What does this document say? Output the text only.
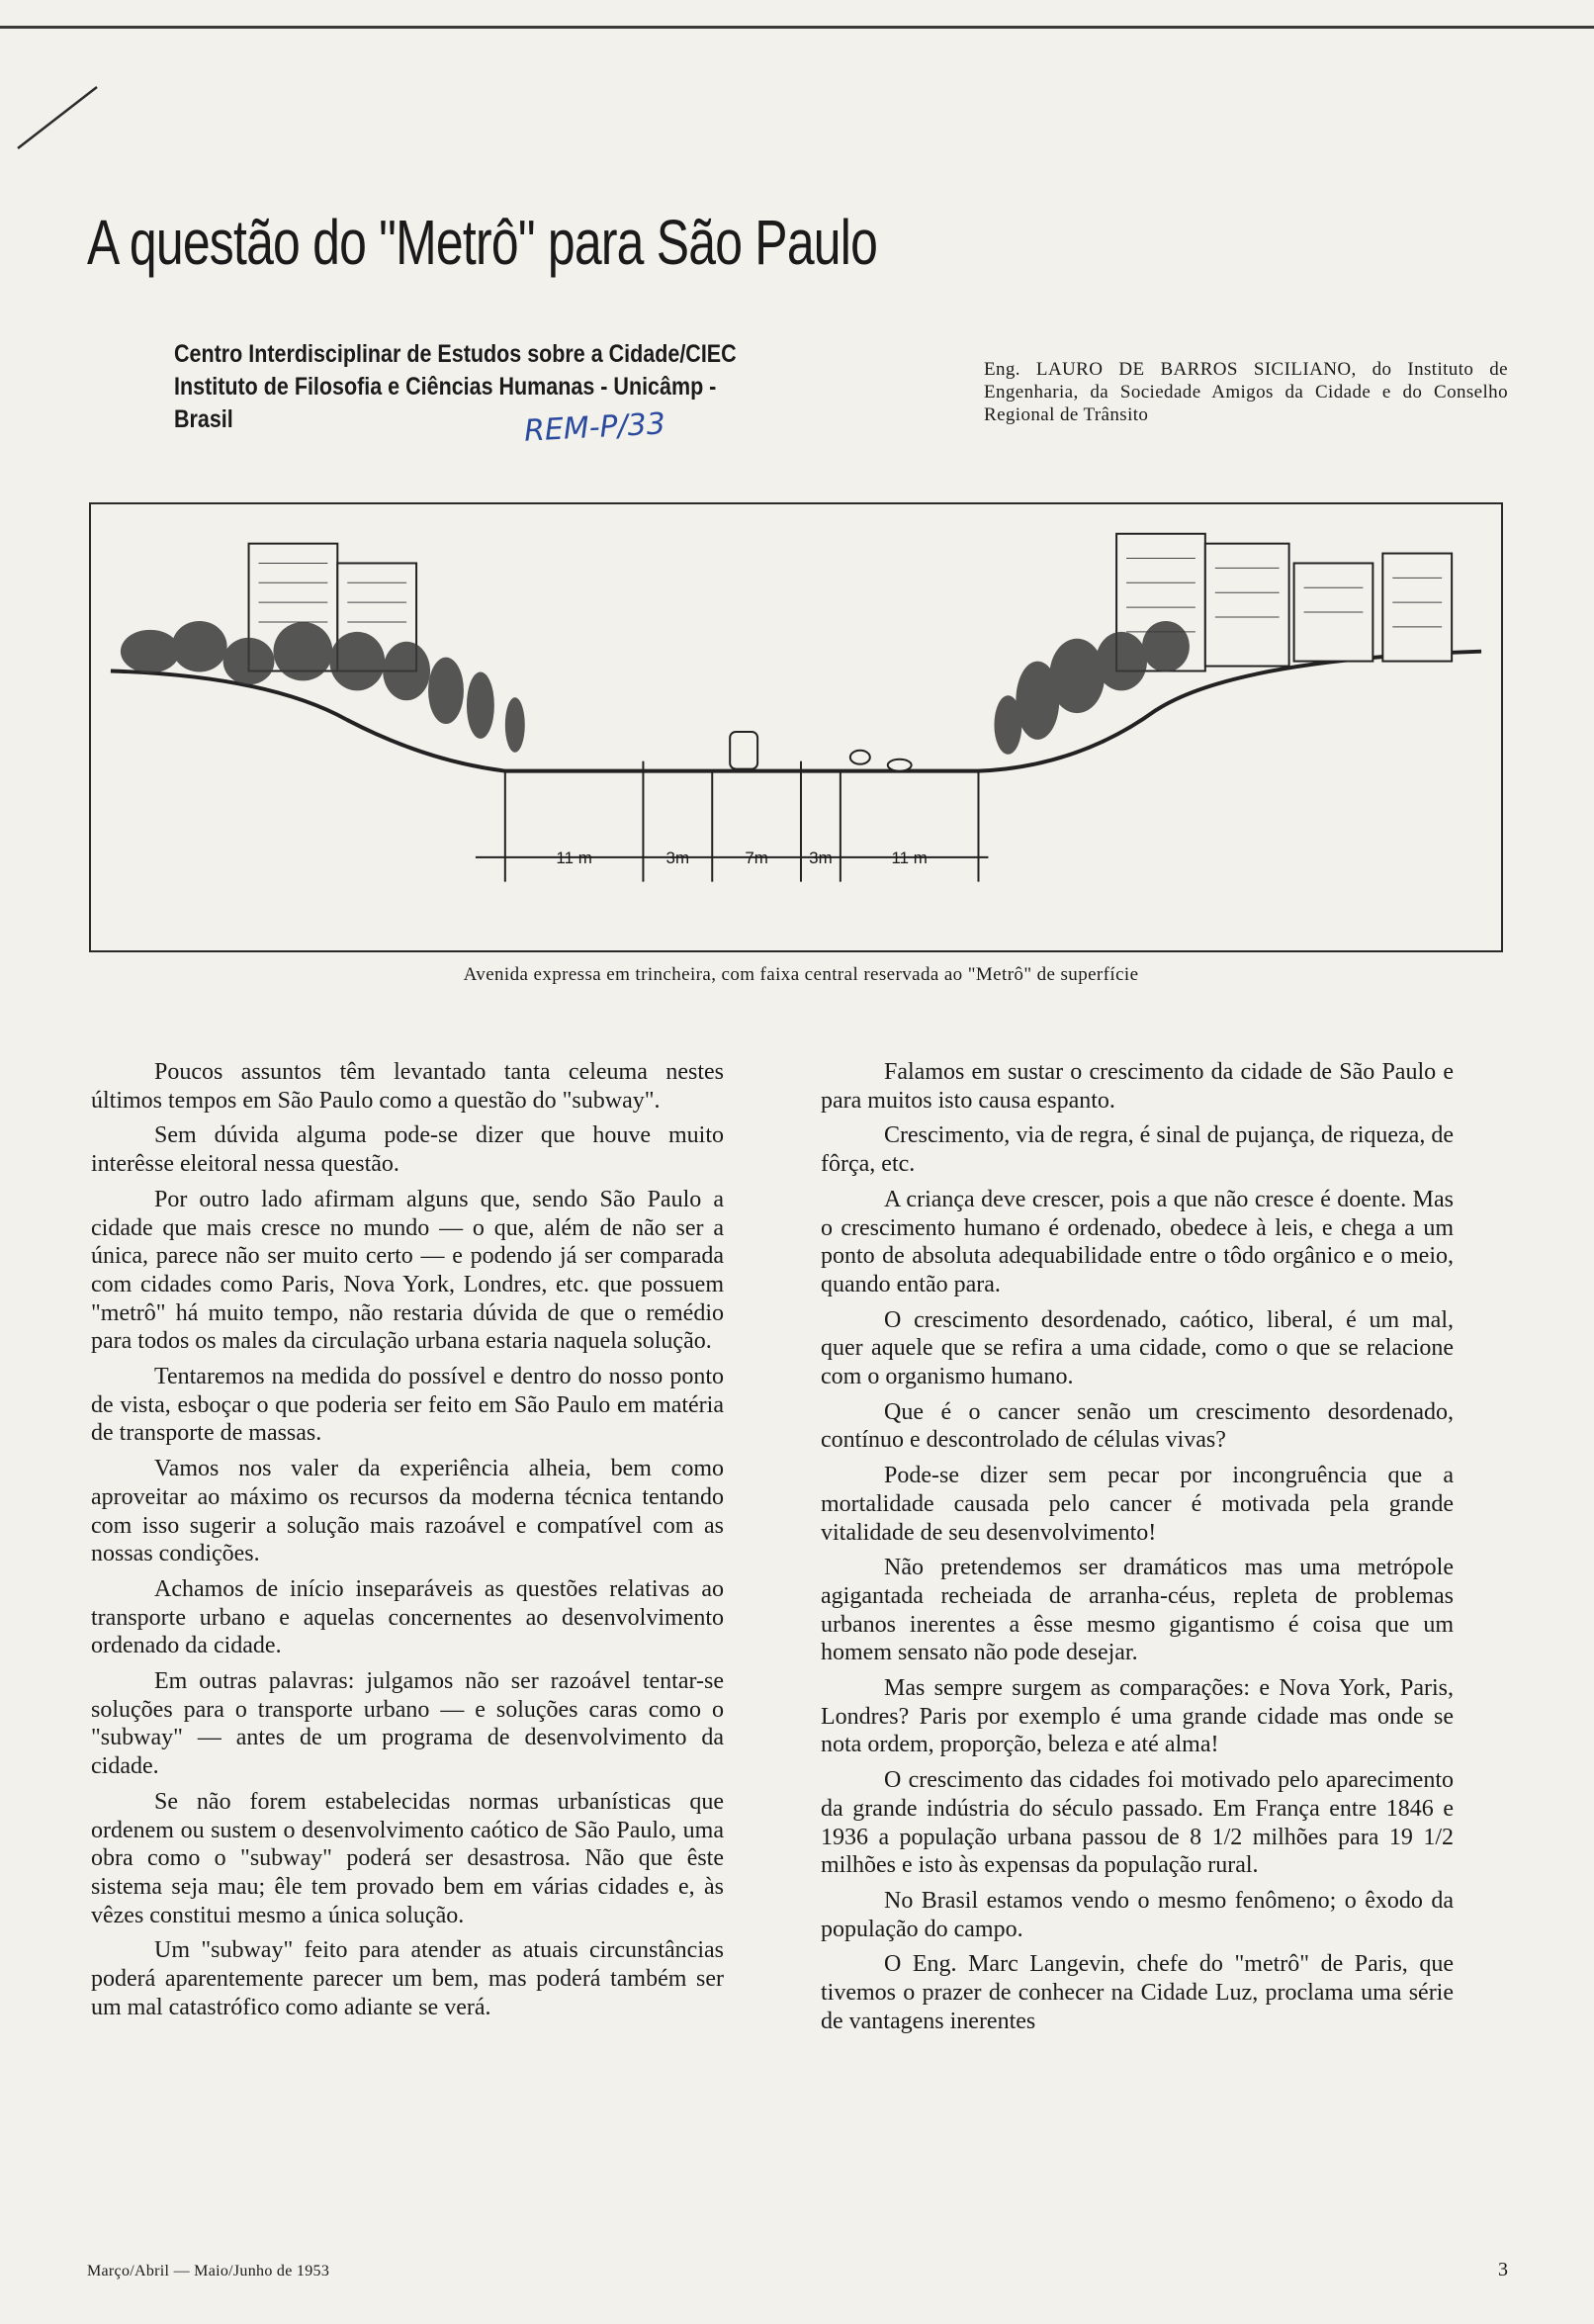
A questão do "Metrô" para São Paulo
Centro Interdisciplinar de Estudos sobre a Cidade/CIEC
Instituto de Filosofia e Ciências Humanas - Unicâmp - Brasil	REM-P/33
Eng. LAURO DE BARROS SICILIANO, do Instituto de Engenharia, da Sociedade Amigos da Cidade e do Conselho Regional de Trânsito
11 m	3m	7m 3m	11 m
Avenida expressa em trincheira, com faixa central reservada ao "Metrô" de superfície

Poucos assuntos têm levantado tanta celeuma nestes últimos tempos em São Paulo como a questão do "subway".

Sem dúvida alguma pode-se dizer que houve muito interêsse eleitoral nessa questão.

Por outro lado afirmam alguns que, sendo São Paulo a cidade que mais cresce no mundo — o que, além de não ser a única, parece não ser muito certo — e podendo já ser comparada com cidades como Paris, Nova York, Londres, etc. que possuem "metrô" há muito tempo, não restaria dúvida de que o remédio para todos os males da circulação urbana estaria naquela solução.

Tentaremos na medida do possível e dentro do nosso ponto de vista, esboçar o que poderia ser feito em São Paulo em matéria de transporte de massas.

Vamos nos valer da experiência alheia, bem como aproveitar ao máximo os recursos da moderna técnica tentando com isso sugerir a solução mais razoável e compatível com as nossas condições.

Achamos de início inseparáveis as questões relativas ao transporte urbano e aquelas concernentes ao desenvolvimento ordenado da cidade.

Em outras palavras: julgamos não ser razoável tentar-se soluções para o transporte urbano — e soluções caras como o "subway" — antes de um programa de desenvolvimento da cidade.

Se não forem estabelecidas normas urbanísticas que ordenem ou sustem o desenvolvimento caótico de São Paulo, uma obra como o "subway" poderá ser desastrosa. Não que êste sistema seja mau; êle tem provado bem em várias cidades e, às vêzes constitui mesmo a única solução.

Um "subway" feito para atender as atuais circunstâncias poderá aparentemente parecer um bem, mas poderá também ser um mal catastrófico como adiante se verá.

Falamos em sustar o crescimento da cidade de São Paulo e para muitos isto causa espanto.

Crescimento, via de regra, é sinal de pujança, de riqueza, de fôrça, etc.

A criança deve crescer, pois a que não cresce é doente. Mas o crescimento humano é ordenado, obedece à leis, e chega a um ponto de absoluta adequabilidade entre o tôdo orgânico e o meio, quando então para.

O crescimento desordenado, caótico, liberal, é um mal, quer aquele que se refira a uma cidade, como o que se relacione com o organismo humano.

Que é o cancer senão um crescimento desordenado, contínuo e descontrolado de células vivas?

Pode-se dizer sem pecar por incongruência que a mortalidade causada pelo cancer é motivada pela grande vitalidade de seu desenvolvimento!

Não pretendemos ser dramáticos mas uma metrópole agigantada recheiada de arranha-céus, repleta de problemas urbanos inerentes a êsse mesmo gigantismo é coisa que um homem sensato não pode desejar.

Mas sempre surgem as comparações: e Nova York, Paris, Londres? Paris por exemplo é uma grande cidade mas onde se nota ordem, proporção, beleza e até alma!

O crescimento das cidades foi motivado pelo aparecimento da grande indústria do século passado. Em França entre 1846 e 1936 a população urbana passou de 8 1/2 milhões para 19 1/2 milhões e isto às expensas da população rural.

No Brasil estamos vendo o mesmo fenômeno; o êxodo da população do campo.

O Eng. Marc Langevin, chefe do "metrô" de Paris, que tivemos o prazer de conhecer na Cidade Luz, proclama uma série de vantagens inerentes

Março/Abril — Maio/Junho de 1953	3
